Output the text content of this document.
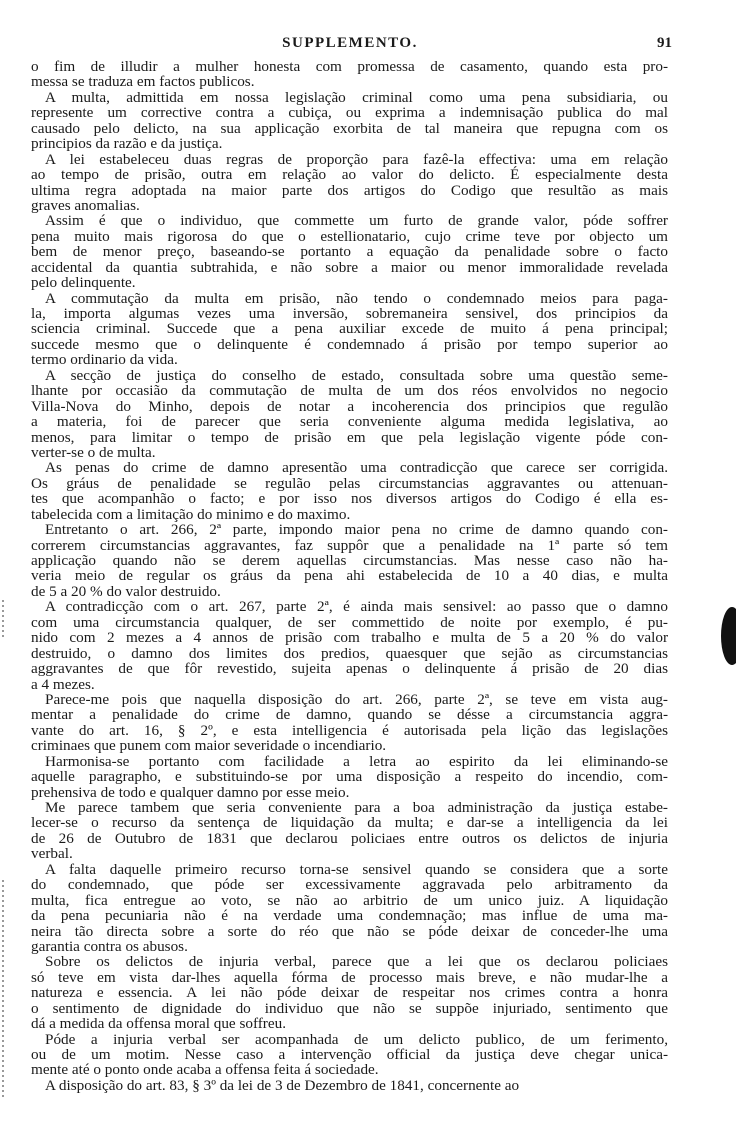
SUPPLEMENTO.	91
o fim de illudir a mulher honesta com promessa de casamento, quando esta pro-
messa se traduza em factos publicos.
A multa, admittida em nossa legislação criminal como uma pena subsidiaria, ou
represente um corrective contra a cubiça, ou exprima a indemnisação publica do mal
causado pelo delicto, na sua applicação exorbita de tal maneira que repugna com os
principios da razão e da justiça.
A lei estabeleceu duas regras de proporção para fazê-la effectiva: uma em relação
ao tempo de prisão, outra em relação ao valor do delicto. É especialmente desta
ultima regra adoptada na maior parte dos artigos do Codigo que resultão as mais
graves anomalias.
Assim é que o individuo, que commette um furto de grande valor, póde soffrer
pena muito mais rigorosa do que o estellionatario, cujo crime teve por objecto um
bem de menor preço, baseando-se portanto a equação da penalidade sobre o facto
accidental da quantia subtrahida, e não sobre a maior ou menor immoralidade revelada
pelo delinquente.
A commutação da multa em prisão, não tendo o condemnado meios para paga-
la, importa algumas vezes uma inversão, sobremaneira sensivel, dos principios da
sciencia criminal. Succede que a pena auxiliar excede de muito á pena principal;
succede mesmo que o delinquente é condemnado á prisão por tempo superior ao
termo ordinario da vida.
A secção de justiça do conselho de estado, consultada sobre uma questão seme-
lhante por occasião da commutação de multa de um dos réos envolvidos no negocio
Villa-Nova do Minho, depois de notar a incoherencia dos principios que regulão
a materia, foi de parecer que seria conveniente alguma medida legislativa, ao
menos, para limitar o tempo de prisão em que pela legislação vigente póde con-
verter-se o de multa.
As penas do crime de damno apresentão uma contradicção que carece ser corrigida.
Os gráus de penalidade se regulão pelas circumstancias aggravantes ou attenuan-
tes que acompanhão o facto; e por isso nos diversos artigos do Codigo é ella es-
tabelecida com a limitação do minimo e do maximo.
Entretanto o art. 266, 2ª parte, impondo maior pena no crime de damno quando con-
correrem circumstancias aggravantes, faz suppôr que a penalidade na 1ª parte só tem
applicação quando não se derem aquellas circumstancias. Mas nesse caso não ha-
veria meio de regular os gráus da pena ahi estabelecida de 10 a 40 dias, e multa
de 5 a 20 % do valor destruido.
A contradicção com o art. 267, parte 2ª, é ainda mais sensivel: ao passo que o damno
com uma circumstancia qualquer, de ser commettido de noite por exemplo, é pu-
nido com 2 mezes a 4 annos de prisão com trabalho e multa de 5 a 20 % do valor
destruido, o damno dos limites dos predios, quaesquer que sejão as circumstancias
aggravantes de que fôr revestido, sujeita apenas o delinquente á prisão de 20 dias
a 4 mezes.
Parece-me pois que naquella disposição do art. 266, parte 2ª, se teve em vista aug-
mentar a penalidade do crime de damno, quando se désse a circumstancia aggra-
vante do art. 16, § 2º, e esta intelligencia é autorisada pela lição das legislações
criminaes que punem com maior severidade o incendiario.
Harmonisa-se portanto com facilidade a letra ao espirito da lei eliminando-se
aquelle paragrapho, e substituindo-se por uma disposição a respeito do incendio, com-
prehensiva de todo e qualquer damno por esse meio.
Me parece tambem que seria conveniente para a boa administração da justiça estabe-
lecer-se o recurso da sentença de liquidação da multa; e dar-se a intelligencia da lei
de 26 de Outubro de 1831 que declarou policiaes entre outros os delictos de injuria
verbal.
A falta daquelle primeiro recurso torna-se sensivel quando se considera que a sorte
do condemnado, que póde ser excessivamente aggravada pelo arbitramento da
multa, fica entregue ao voto, se não ao arbitrio de um unico juiz. A liquidação
da pena pecuniaria não é na verdade uma condemnação; mas influe de uma ma-
neira tão directa sobre a sorte do réo que não se póde deixar de conceder-lhe uma
garantia contra os abusos.
Sobre os delictos de injuria verbal, parece que a lei que os declarou policiaes
só teve em vista dar-lhes aquella fórma de processo mais breve, e não mudar-lhe a
natureza e essencia. A lei não póde deixar de respeitar nos crimes contra a honra
o sentimento de dignidade do individuo que não se suppõe injuriado, sentimento que
dá a medida da offensa moral que soffreu.
Póde a injuria verbal ser acompanhada de um delicto publico, de um ferimento,
ou de um motim. Nesse caso a intervenção official da justiça deve chegar unica-
mente até o ponto onde acaba a offensa feita á sociedade.
A disposição do art. 83, § 3º da lei de 3 de Dezembro de 1841, concernente ao
